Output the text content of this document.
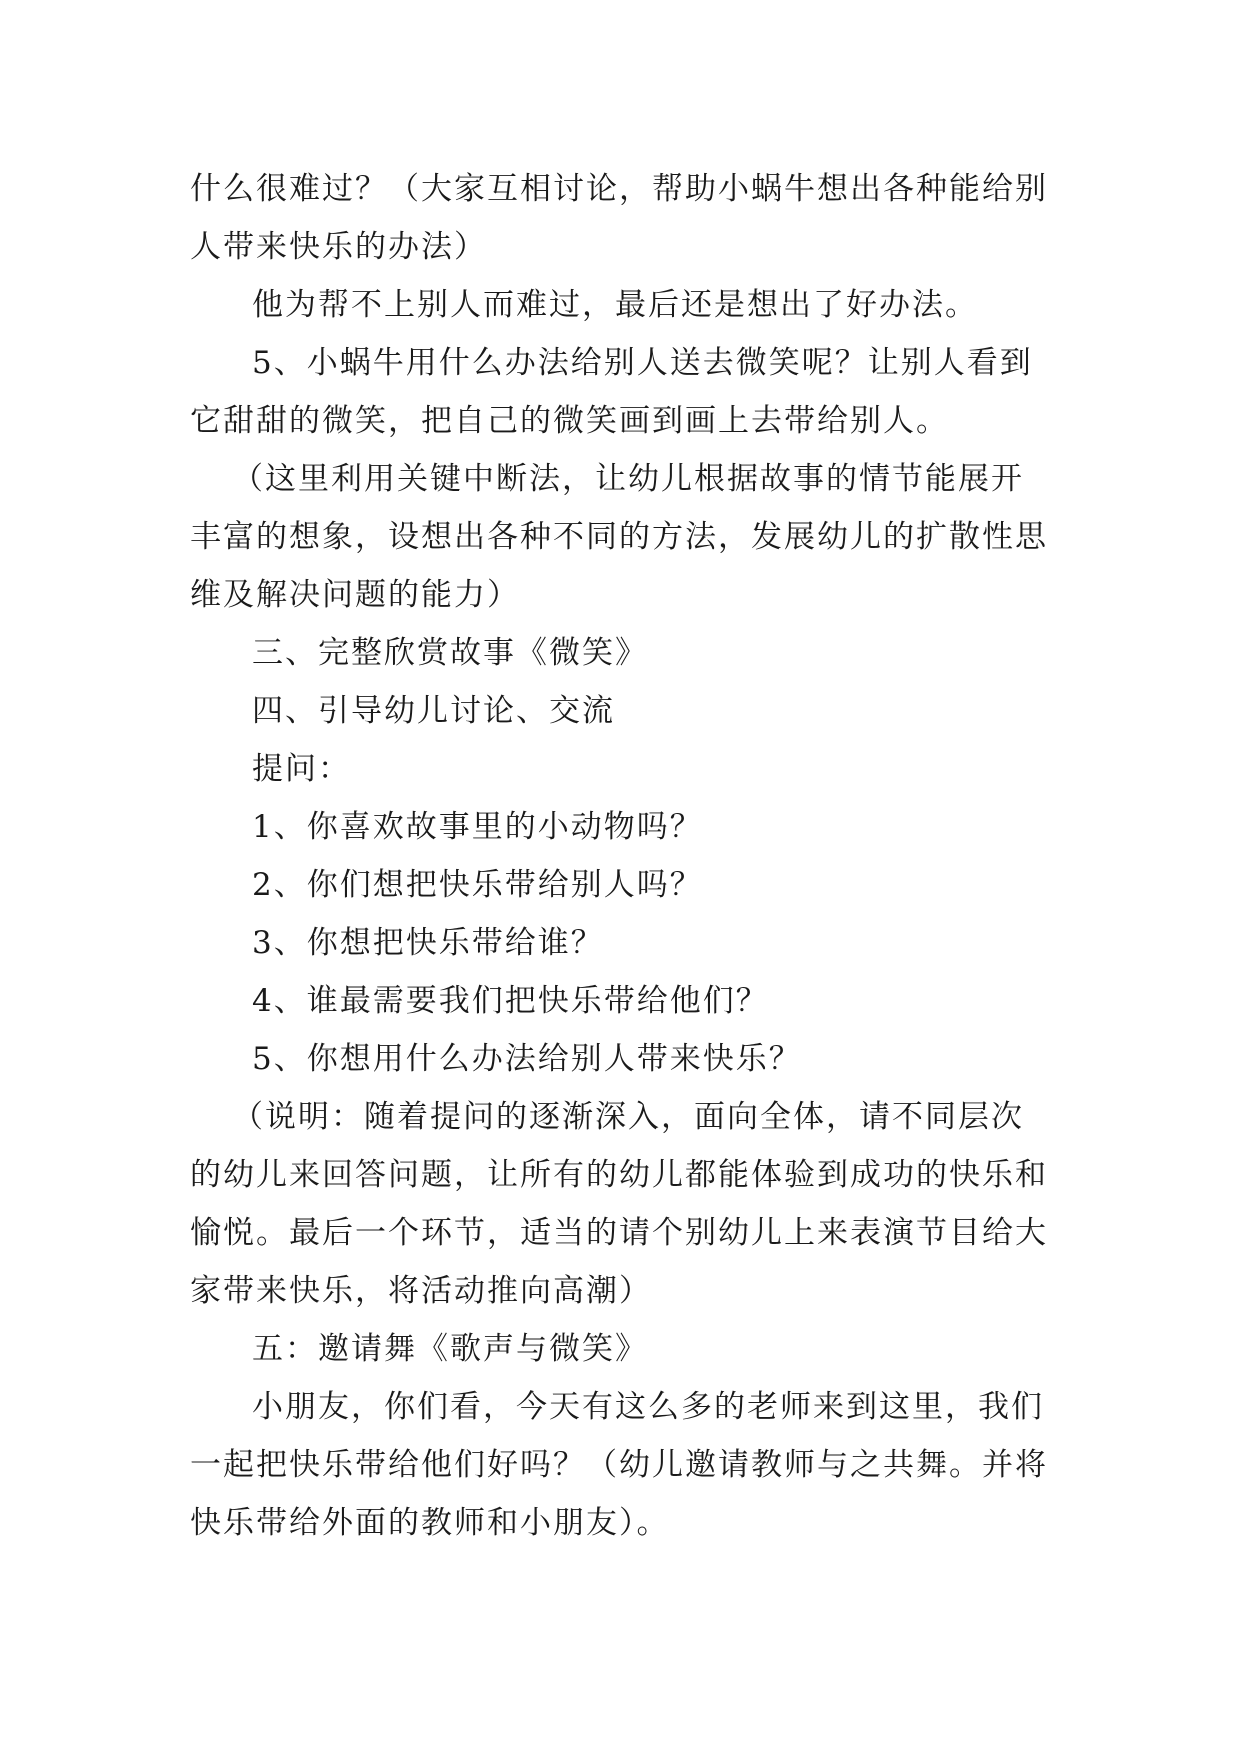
什么很难过？（大家互相讨论，帮助小蜗牛想出各种能给别
人带来快乐的办法）
他为帮不上别人而难过，最后还是想出了好办法。
5、小蜗牛用什么办法给别人送去微笑呢？让别人看到
它甜甜的微笑，把自己的微笑画到画上去带给别人。
（这里利用关键中断法，让幼儿根据故事的情节能展开
丰富的想象，设想出各种不同的方法，发展幼儿的扩散性思
维及解决问题的能力）
三、完整欣赏故事《微笑》
四、引导幼儿讨论、交流
提问：
1、你喜欢故事里的小动物吗？
2、你们想把快乐带给别人吗？
3、你想把快乐带给谁？
4、谁最需要我们把快乐带给他们？
5、你想用什么办法给别人带来快乐？
（说明：随着提问的逐渐深入，面向全体，请不同层次
的幼儿来回答问题，让所有的幼儿都能体验到成功的快乐和
愉悦。最后一个环节，适当的请个别幼儿上来表演节目给大
家带来快乐，将活动推向高潮）
五：邀请舞《歌声与微笑》
小朋友，你们看，今天有这么多的老师来到这里，我们
一起把快乐带给他们好吗？（幼儿邀请教师与之共舞。并将
快乐带给外面的教师和小朋友）。
